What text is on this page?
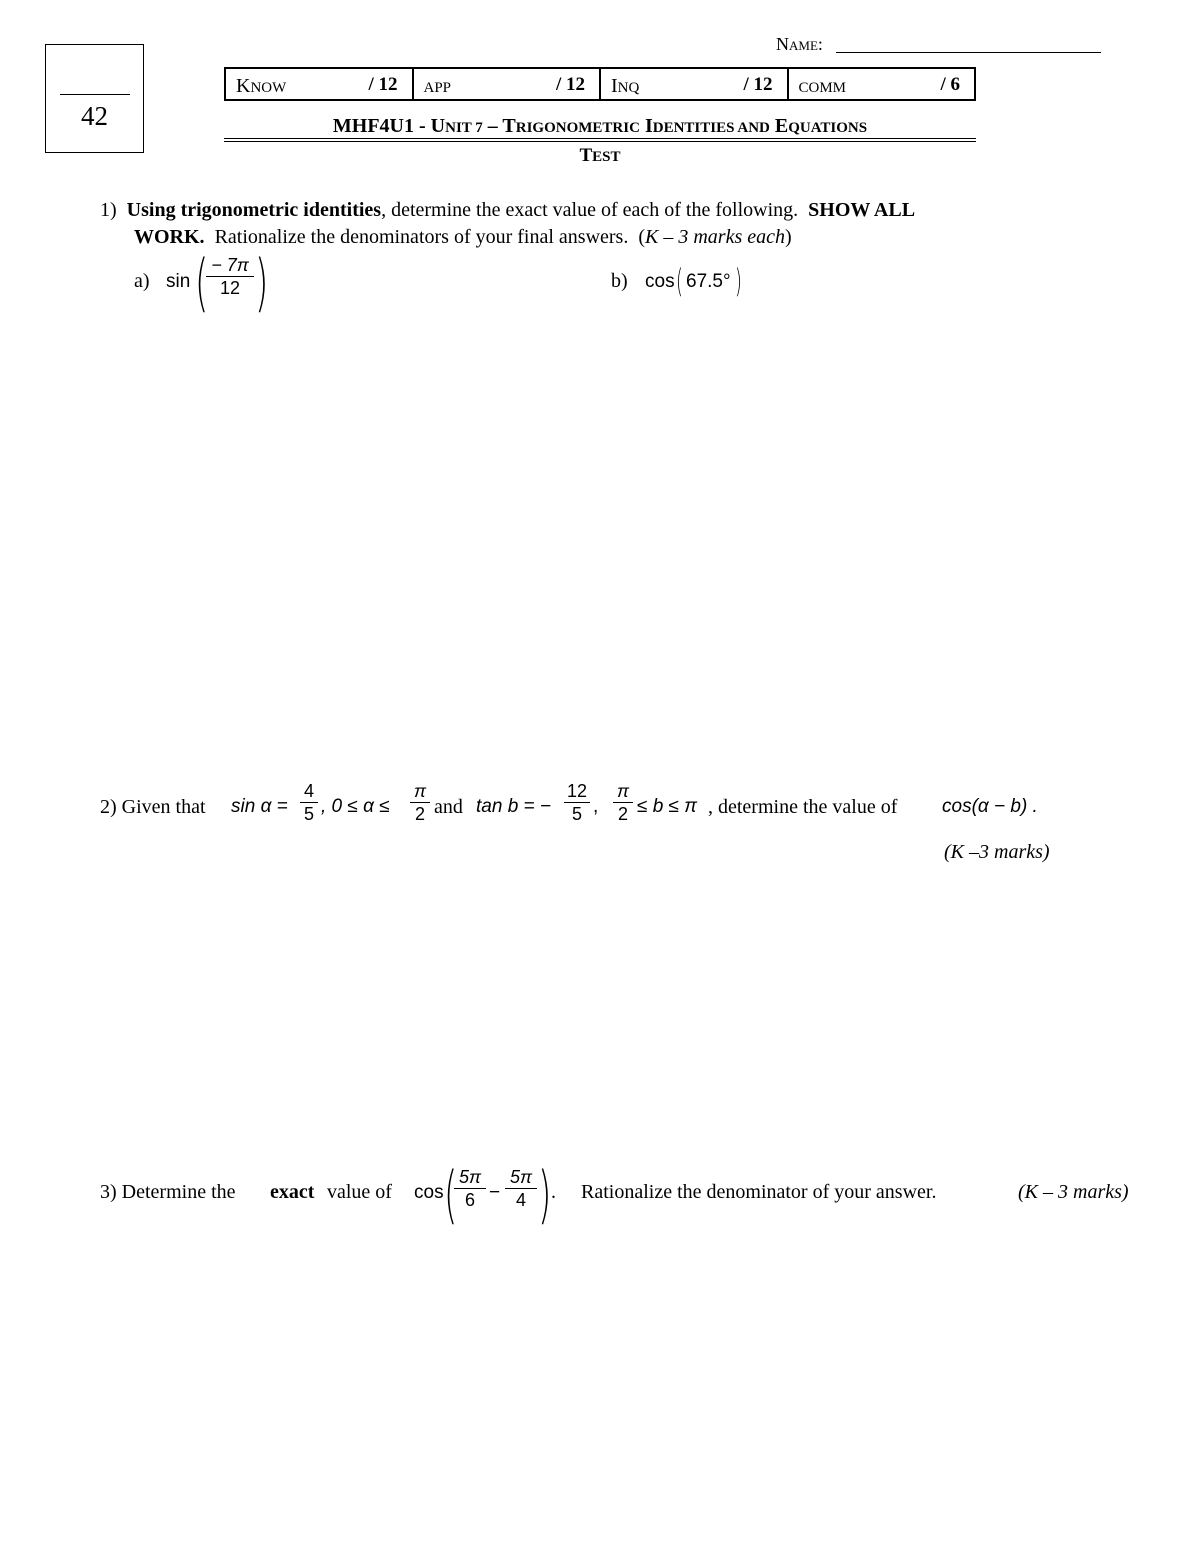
42
NAME:
KNOW	/ 12 APP	/ 12 INQ	/ 12 COMM	/ 6
MHF4U1 - UNIT 7 – TRIGONOMETRIC IDENTITIES AND EQUATIONS
TEST
1) Using trigonometric identities, determine the exact value of each of the following. SHOW ALL
WORK. Rationalize the denominators of your final answers.  (K – 3 marks each)
a) sin ( − 7π
12 )	b) cos ( 67.5° )
2) Given that sin α =
4
5 , 0 ≤ α ≤
π
2 and tan b = −
12
5 ,
π
2 ≤ b ≤ π , determine the value of cos(α − b) .
(K –3 marks)
3) Determine the exact value of cos ( 5π
6 −
5π
4 ) . Rationalize the denominator of your answer.	(K – 3 marks)
